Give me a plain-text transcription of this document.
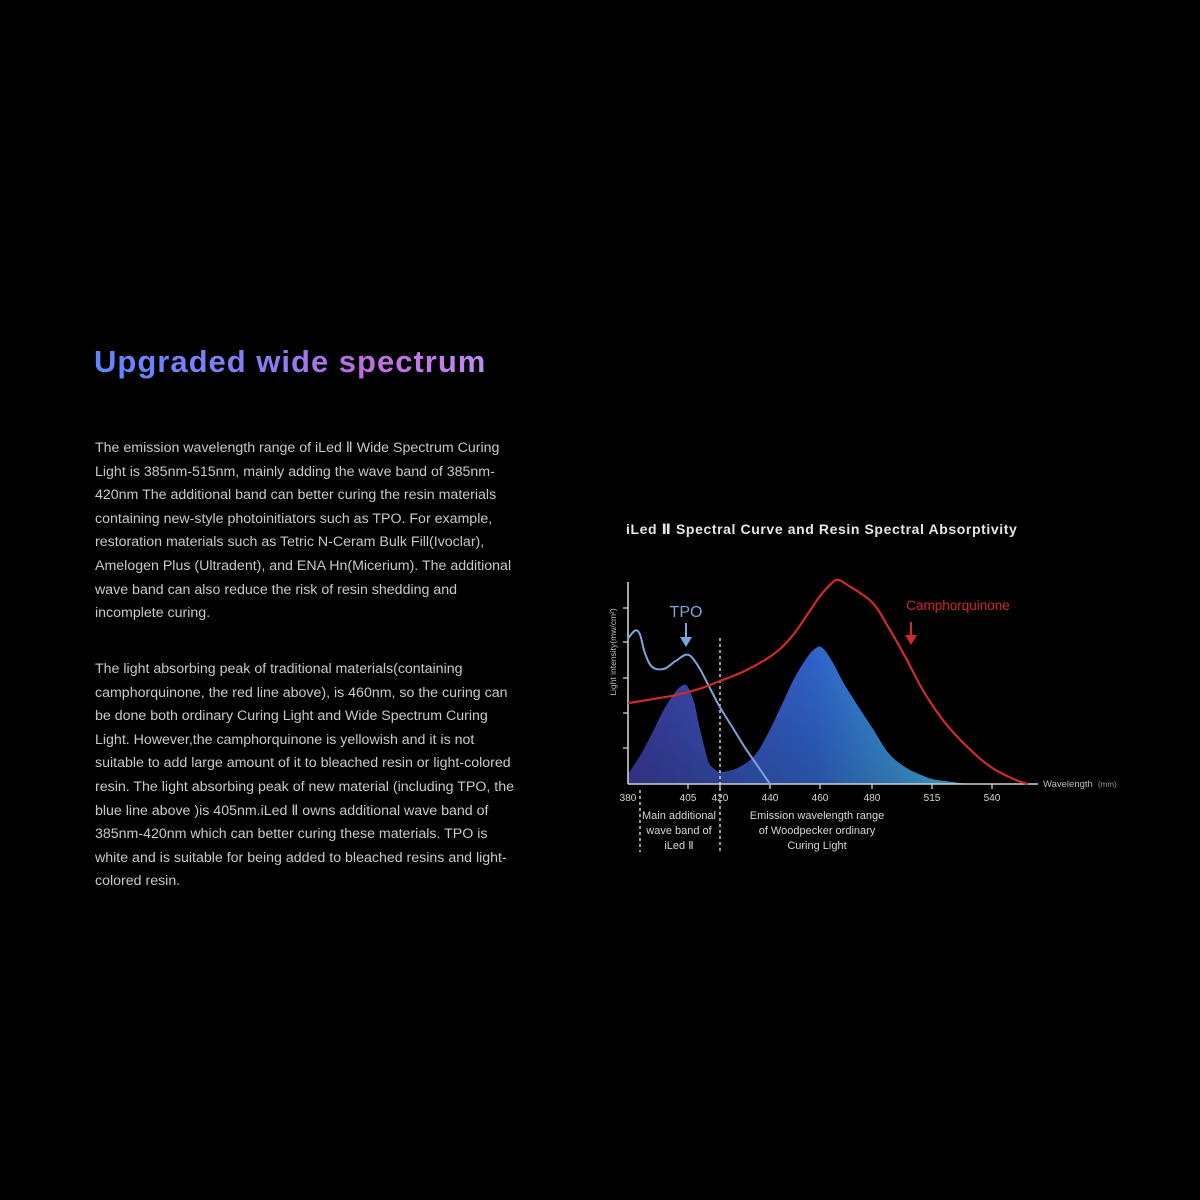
Upgraded wide spectrum

The emission wavelength range of iLed Ⅱ Wide Spectrum Curing Light is 385nm-515nm, mainly adding the wave band of 385nm-420nm The additional band can better curing the resin materials containing new-style photoinitiators such as TPO. For example, restoration materials such as Tetric N-Ceram Bulk Fill(Ivoclar), Amelogen Plus (Ultradent), and ENA Hn(Micerium). The additional wave band can also reduce the risk of resin shedding and incomplete curing.

The light absorbing peak of traditional materials(containing camphorquinone, the red line above), is 460nm, so the curing can be done both ordinary Curing Light and Wide Spectrum Curing Light. However,the camphorquinone is yellowish and it is not suitable to add large amount of it to bleached resin or light-colored resin. The light absorbing peak of new material (including TPO, the blue line above )is 405nm.iLed Ⅱ owns additional wave band of 385nm-420nm which can better curing these materials. TPO is white and is suitable for being added to bleached resins and light-colored resin.

iLed Ⅱ Spectral Curve and Resin Spectral Absorptivity
380	405 420	440	460	480	515	540
TPO	Camphorquinone
Light intensity(mw/cm²)
Wavelength (mm)
Main additional
wave band of
iLed Ⅱ
Emission wavelength range
of Woodpecker ordinary
Curing Light
